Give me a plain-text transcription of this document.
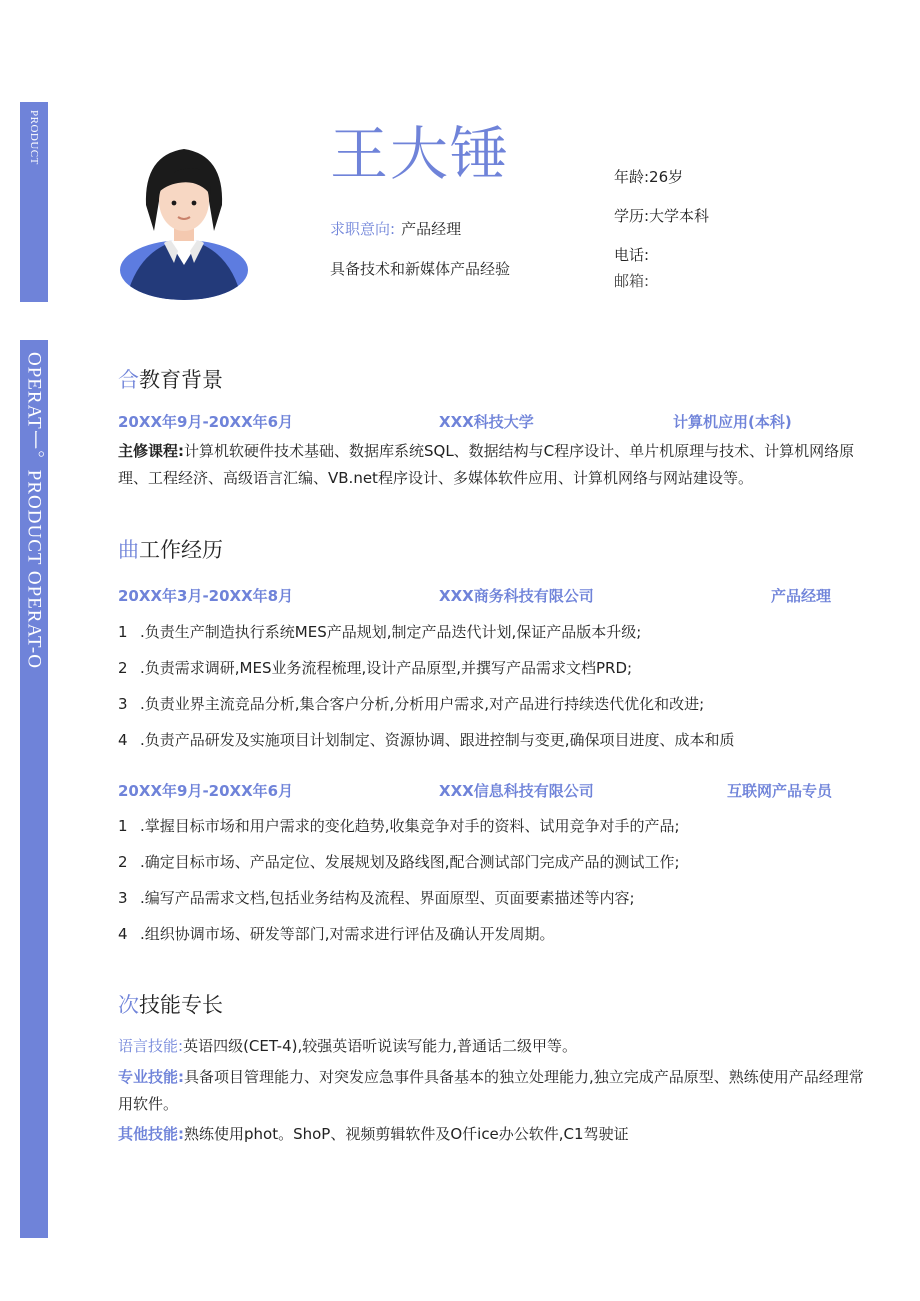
PRODUCT
OPERAT丨。PRODUCT OPERAT-O
王大锤
求职意向: 产品经理
具备技术和新媒体产品经验
年龄:26岁
学历:大学本科
电话:
邮箱:
合教育背景
20XX年9月-20XX年6月	XXX科技大学	计算机应用(本科)
主修课程:计算机软硬件技术基础、数据库系统SQL、数据结构与C程序设计、单片机原理与技术、计算机网络原理、工程经济、高级语言汇编、VB.net程序设计、多媒体软件应用、计算机网络与网站建设等。
曲工作经历
20XX年3月-20XX年8月	XXX商务科技有限公司	产品经理
1 .负责生产制造执行系统MES产品规划,制定产品迭代计划,保证产品版本升级;
2 .负责需求调研,MES业务流程梳理,设计产品原型,并撰写产品需求文档PRD;
3 .负责业界主流竞品分析,集合客户分析,分析用户需求,对产品进行持续迭代优化和改进;
4 .负责产品研发及实施项目计划制定、资源协调、跟进控制与变更,确保项目进度、成本和质
20XX年9月-20XX年6月	XXX信息科技有限公司	互联网产品专员
1 .掌握目标市场和用户需求的变化趋势,收集竞争对手的资料、试用竞争对手的产品;
2 .确定目标市场、产品定位、发展规划及路线图,配合测试部门完成产品的测试工作;
3 .编写产品需求文档,包括业务结构及流程、界面原型、页面要素描述等内容;
4 .组织协调市场、研发等部门,对需求进行评估及确认开发周期。
次技能专长
语言技能:英语四级(CET-4),较强英语听说读写能力,普通话二级甲等。
专业技能:具备项目管理能力、对突发应急事件具备基本的独立处理能力,独立完成产品原型、熟练使用产品经理常用软件。
其他技能:熟练使用phot。ShoP、视频剪辑软件及O仟ice办公软件,C1驾驶证
